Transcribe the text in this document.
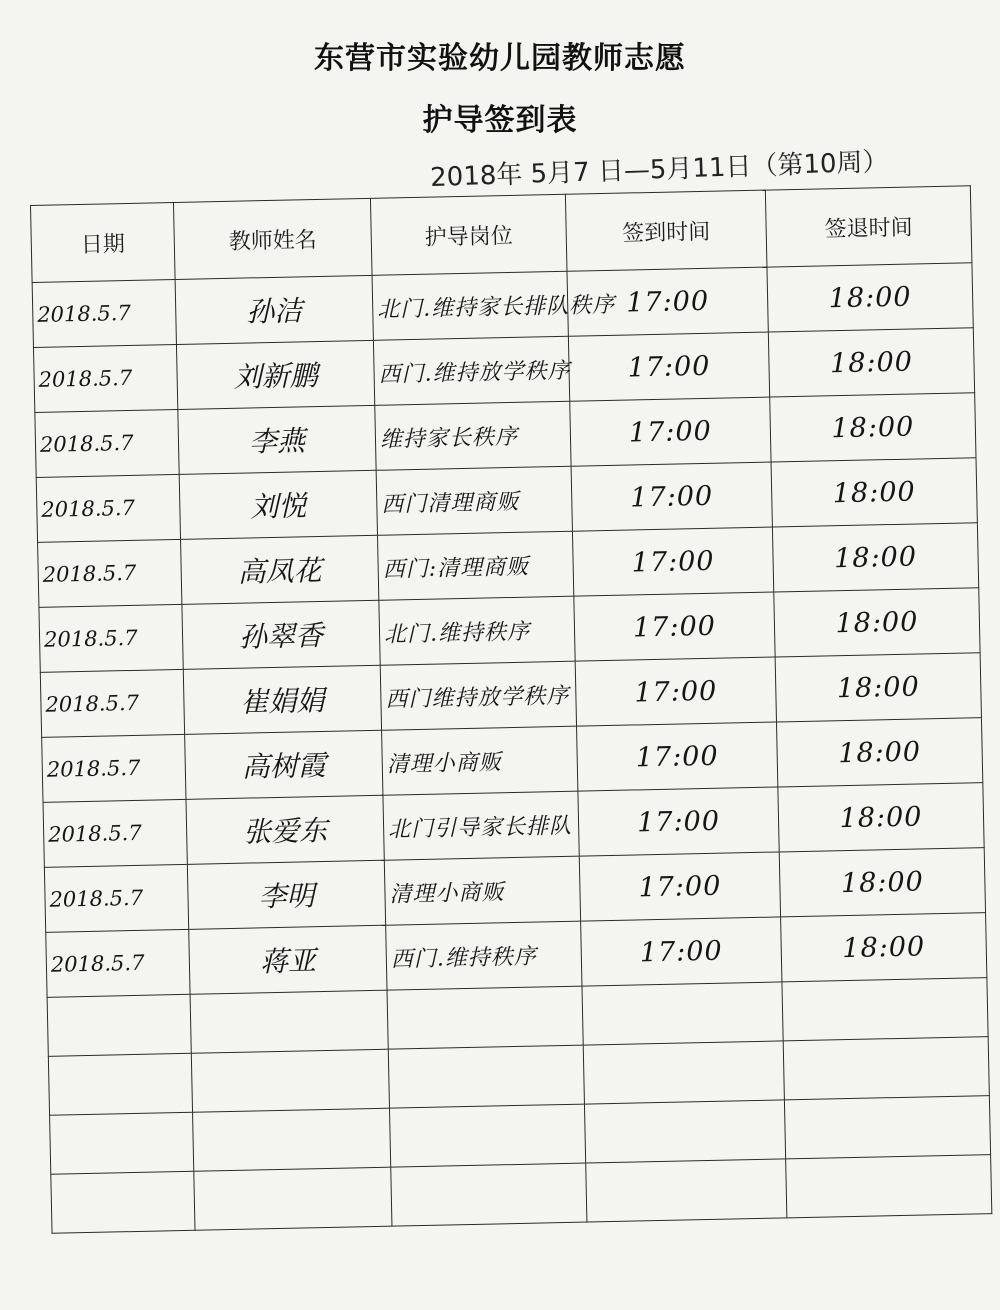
东营市实验幼儿园教师志愿
护导签到表
2018年 5月7 日—5月11日（第10周）
日期	教师姓名	护导岗位	签到时间	签退时间
2018.5.7	孙洁	北门.维持家长排队秩序	17:00	18:00
2018.5.7	刘新鹏	西门.维持放学秩序	17:00	18:00
2018.5.7	李燕	维持家长秩序	17:00	18:00
2018.5.7	刘悦	西门清理商贩	17:00	18:00
2018.5.7	高凤花	西门:清理商贩	17:00	18:00
2018.5.7	孙翠香	北门.维持秩序	17:00	18:00
2018.5.7	崔娟娟	西门维持放学秩序	17:00	18:00
2018.5.7	高树霞	清理小商贩	17:00	18:00
2018.5.7	张爱东	北门引导家长排队	17:00	18:00
2018.5.7	李明	清理小商贩	17:00	18:00
2018.5.7	蒋亚	西门.维持秩序	17:00	18:00
